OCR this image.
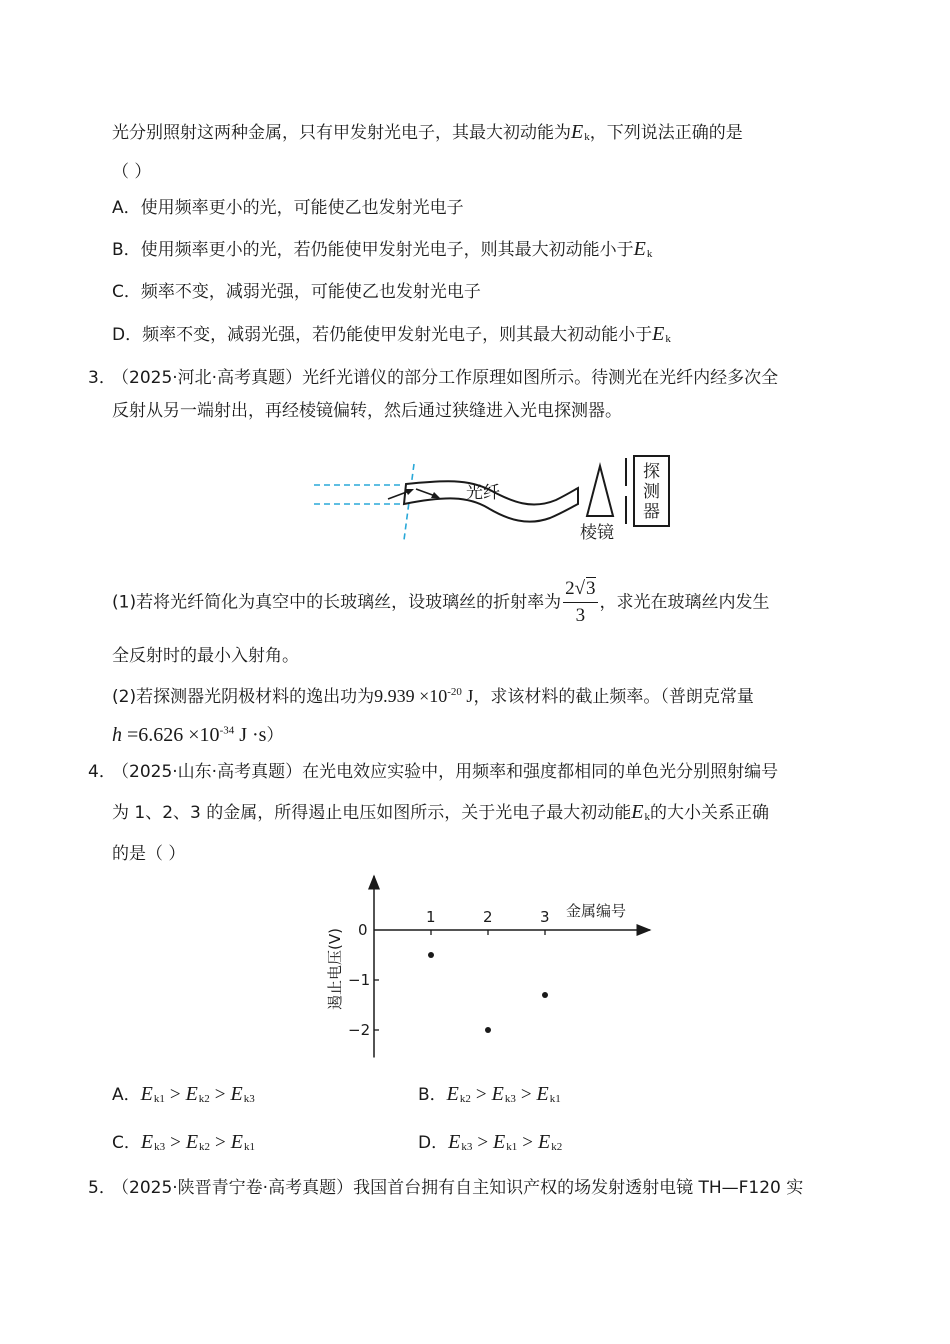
光分别照射这两种金属，只有甲发射光电子，其最大初动能为$E_k$，下列说法正确的是
（ ）
A．使用频率更小的光，可能使乙也发射光电子
B．使用频率更小的光，若仍能使甲发射光电子，则其最大初动能小于$E_k$
C．频率不变，减弱光强，可能使乙也发射光电子
D．频率不变，减弱光强，若仍能使甲发射光电子，则其最大初动能小于$E_k$
3．
（2025·河北·高考真题）光纤光谱仪的部分工作原理如图所示。待测光在光纤内经多次全
反射从另一端射出，再经棱镜偏转，然后通过狭缝进入光电探测器。
光纤
棱镜
探
测
器
(1)若将光纤简化为真空中的长玻璃丝，设玻璃丝的折射率为 $\frac{2√3}{3}$ ，求光在玻璃丝内发生
全反射时的最小入射角。
(2)若探测器光阴极材料的逸出功为$9.939 \times 10^{-20}$ J，求该材料的截止频率。（普朗克常量
$h =6.626 \times 10^{-34}$ J ·s）
4．
（2025·山东·高考真题）在光电效应实验中，用频率和强度都相同的单色光分别照射编号
为 1、2、3 的金属，所得遏止电压如图所示，关于光电子最大初动能$E_k$的大小关系正确
的是（ ）
1	2	3
0
−1
−2
金属编号
遏止电压(V)
A．$E_{k1} > E_{k2} > E_{k3}$	B．$E_{k2} > E_{k3} > E_{k1}$
C．$E_{k3} > E_{k2} > E_{k1}$	D．$E_{k3} > E_{k1} > E_{k2}$
5．
（2025·陕晋青宁卷·高考真题）我国首台拥有自主知识产权的场发射透射电镜 TH—F120 实
